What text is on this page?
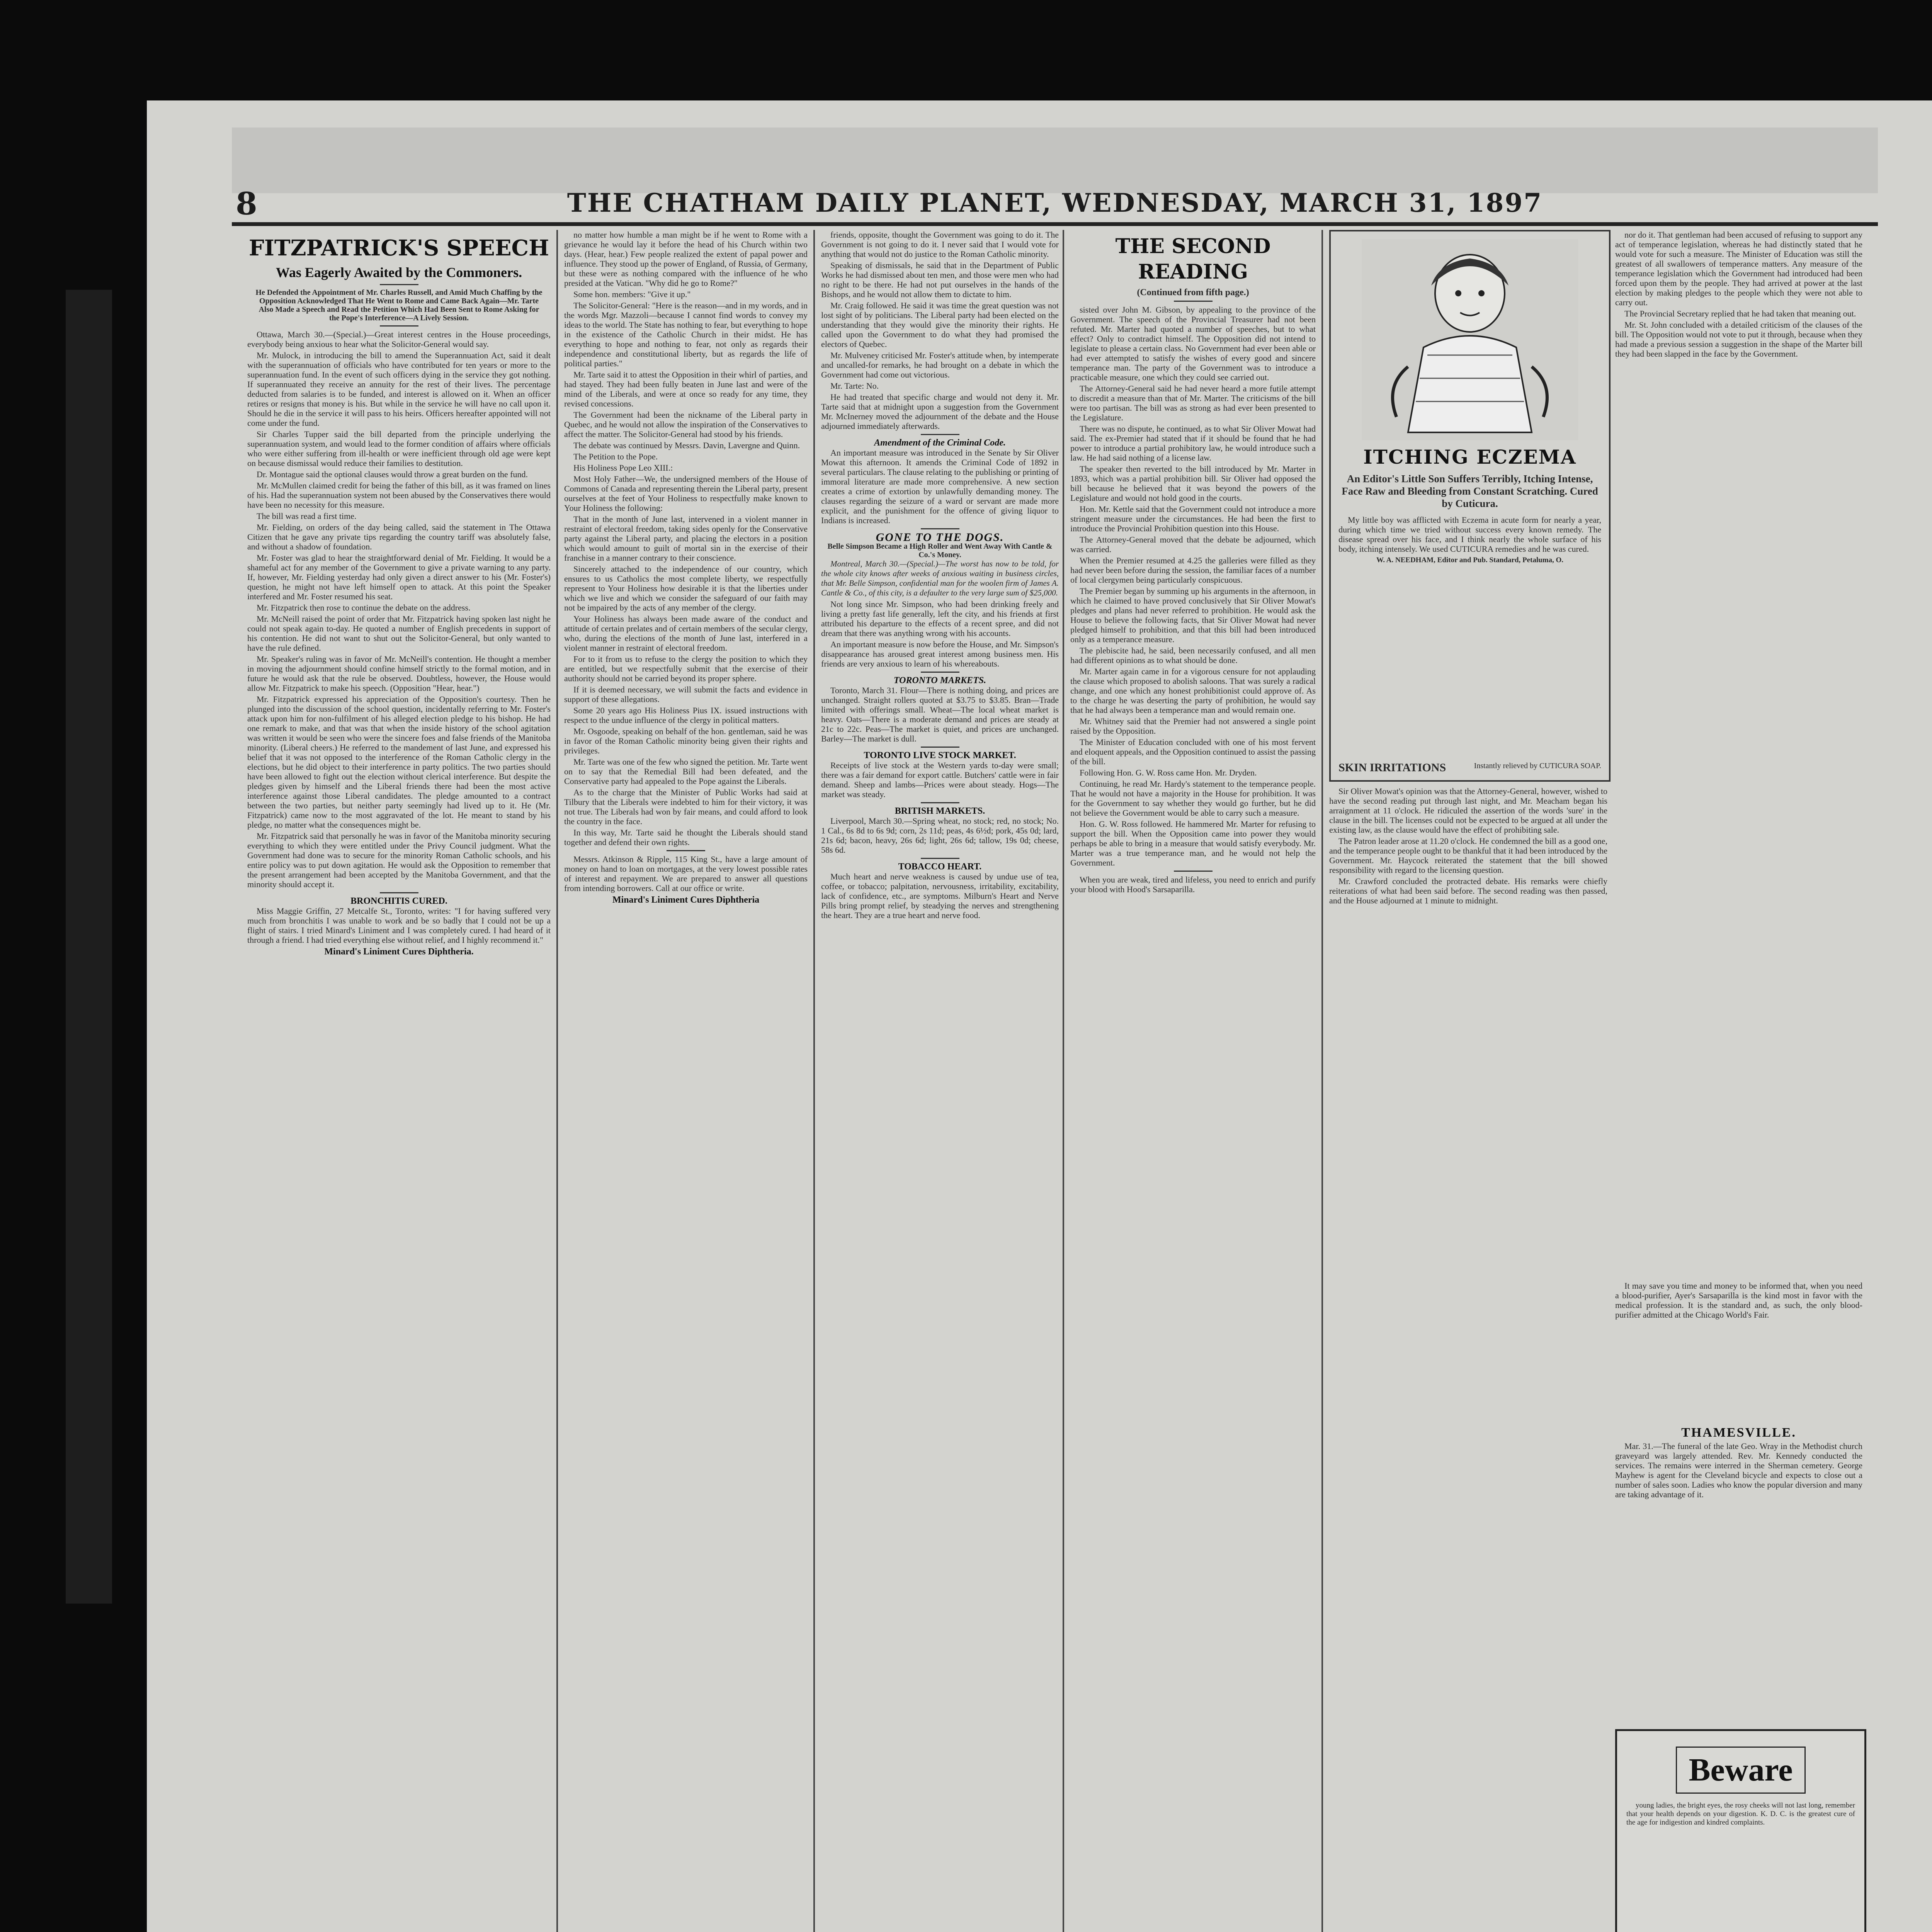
8	THE CHATHAM DAILY PLANET, WEDNESDAY, MARCH 31, 1897
FITZPATRICK'S SPEECH
Was Eagerly Awaited by the Commoners.
He Defended the Appointment of Mr. Charles Russell, and Amid Much Chaffing by the Opposition Acknowledged That He Went to Rome and Came Back Again—Mr. Tarte Also Made a Speech and Read the Petition Which Had Been Sent to Rome Asking for the Pope's Interference—A Lively Session.

Ottawa, March 30.—(Special.)—Great interest centres in the House proceedings, everybody being anxious to hear what the Solicitor-General would say.

Mr. Mulock, in introducing the bill to amend the Superannuation Act, said it dealt with the superannuation of officials who have contributed for ten years or more to the superannuation fund. In the event of such officers dying in the service they got nothing. If superannuated they receive an annuity for the rest of their lives. The percentage deducted from salaries is to be funded, and interest is allowed on it. When an officer retires or resigns that money is his. But while in the service he will have no call upon it. Should he die in the service it will pass to his heirs. Officers hereafter appointed will not come under the fund.

Sir Charles Tupper said the bill departed from the principle underlying the superannuation system, and would lead to the former condition of affairs where officials who were either suffering from ill-health or were inefficient through old age were kept on because dismissal would reduce their families to destitution.

Dr. Montague said the optional clauses would throw a great burden on the fund.

Mr. McMullen claimed credit for being the father of this bill, as it was framed on lines of his. Had the superannuation system not been abused by the Conservatives there would have been no necessity for this measure.

The bill was read a first time.

Mr. Fielding, on orders of the day being called, said the statement in The Ottawa Citizen that he gave any private tips regarding the country tariff was absolutely false, and without a shadow of foundation.

Mr. Foster was glad to hear the straightforward denial of Mr. Fielding. It would be a shameful act for any member of the Government to give a private warning to any party. If, however, Mr. Fielding yesterday had only given a direct answer to his (Mr. Foster's) question, he might not have left himself open to attack. At this point the Speaker interfered and Mr. Foster resumed his seat.

Mr. Fitzpatrick then rose to continue the debate on the address.

Mr. McNeill raised the point of order that Mr. Fitzpatrick having spoken last night he could not speak again to-day. He quoted a number of English precedents in support of his contention. He did not want to shut out the Solicitor-General, but only wanted to have the rule defined.

Mr. Speaker's ruling was in favor of Mr. McNeill's contention. He thought a member in moving the adjournment should confine himself strictly to the formal motion, and in future he would ask that the rule be observed. Doubtless, however, the House would allow Mr. Fitzpatrick to make his speech. (Opposition "Hear, hear.")

Mr. Fitzpatrick expressed his appreciation of the Opposition's courtesy. Then he plunged into the discussion of the school question, incidentally referring to Mr. Foster's attack upon him for non-fulfilment of his alleged election pledge to his bishop. He had one remark to make, and that was that when the inside history of the school agitation was written it would be seen who were the sincere foes and false friends of the Manitoba minority. (Liberal cheers.) He referred to the mandement of last June, and expressed his belief that it was not opposed to the interference of the Roman Catholic clergy in the elections, but he did object to their interference in party politics. The two parties should have been allowed to fight out the election without clerical interference. But despite the pledges given by himself and the Liberal friends there had been the most active interference against those Liberal candidates. The pledge amounted to a contract between the two parties, but neither party seemingly had lived up to it. He (Mr. Fitzpatrick) came now to the most aggravated of the lot. He meant to stand by his pledge, no matter what the consequences might be.

Mr. Fitzpatrick said that personally he was in favor of the Manitoba minority securing everything to which they were entitled under the Privy Council judgment. What the Government had done was to secure for the minority Roman Catholic schools, and his entire policy was to put down agitation. He would ask the Opposition to remember that the present arrangement had been accepted by the Manitoba Government, and that the minority should accept it.

BRONCHITIS CURED.

Miss Maggie Griffin, 27 Metcalfe St., Toronto, writes: "I for having suffered very much from bronchitis I was unable to work and be so badly that I could not be up a flight of stairs. I tried Minard's Liniment and I was completely cured. I had heard of it through a friend. I had tried everything else without relief, and I highly recommend it."

Minard's Liniment Cures Diphtheria.

no matter how humble a man might be if he went to Rome with a grievance he would lay it before the head of his Church within two days. (Hear, hear.) Few people realized the extent of papal power and influence. They stood up the power of England, of Russia, of Germany, but these were as nothing compared with the influence of he who presided at the Vatican. "Why did he go to Rome?"

Some hon. members: "Give it up."

The Solicitor-General: "Here is the reason—and in my words, and in the words Mgr. Mazzoli—because I cannot find words to convey my ideas to the world. The State has nothing to fear, but everything to hope in the existence of the Catholic Church in their midst. He has everything to hope and nothing to fear, not only as regards their independence and constitutional liberty, but as regards the life of political parties."

Mr. Tarte said it to attest the Opposition in their whirl of parties, and had stayed. They had been fully beaten in June last and were of the mind of the Liberals, and were at once so ready for any time, they revised concessions.

The Government had been the nickname of the Liberal party in Quebec, and he would not allow the inspiration of the Conservatives to affect the matter. The Solicitor-General had stood by his friends.

The debate was continued by Messrs. Davin, Lavergne and Quinn.

The Petition to the Pope.

His Holiness Pope Leo XIII.:

Most Holy Father—We, the undersigned members of the House of Commons of Canada and representing therein the Liberal party, present ourselves at the feet of Your Holiness to respectfully make known to Your Holiness the following:

That in the month of June last, intervened in a violent manner in restraint of electoral freedom, taking sides openly for the Conservative party against the Liberal party, and placing the electors in a position which would amount to guilt of mortal sin in the exercise of their franchise in a manner contrary to their conscience.

Sincerely attached to the independence of our country, which ensures to us Catholics the most complete liberty, we respectfully represent to Your Holiness how desirable it is that the liberties under which we live and which we consider the safeguard of our faith may not be impaired by the acts of any member of the clergy.

Your Holiness has always been made aware of the conduct and attitude of certain prelates and of certain members of the secular clergy, who, during the elections of the month of June last, interfered in a violent manner in restraint of electoral freedom.

For to it from us to refuse to the clergy the position to which they are entitled, but we respectfully submit that the exercise of their authority should not be carried beyond its proper sphere.

If it is deemed necessary, we will submit the facts and evidence in support of these allegations.

Some 20 years ago His Holiness Pius IX. issued instructions with respect to the undue influence of the clergy in political matters.

Mr. Osgoode, speaking on behalf of the hon. gentleman, said he was in favor of the Roman Catholic minority being given their rights and privileges.

Mr. Tarte was one of the few who signed the petition. Mr. Tarte went on to say that the Remedial Bill had been defeated, and the Conservative party had appealed to the Pope against the Liberals.

As to the charge that the Minister of Public Works had said at Tilbury that the Liberals were indebted to him for their victory, it was not true. The Liberals had won by fair means, and could afford to look the country in the face.

In this way, Mr. Tarte said he thought the Liberals should stand together and defend their own rights.

Messrs. Atkinson & Ripple, 115 King St., have a large amount of money on hand to loan on mortgages, at the very lowest possible rates of interest and repayment. We are prepared to answer all questions from intending borrowers. Call at our office or write.

Minard's Liniment Cures Diphtheria

friends, opposite, thought the Government was going to do it. The Government is not going to do it. I never said that I would vote for anything that would not do justice to the Roman Catholic minority.

Speaking of dismissals, he said that in the Department of Public Works he had dismissed about ten men, and those were men who had no right to be there. He had not put ourselves in the hands of the Bishops, and he would not allow them to dictate to him.

Mr. Craig followed. He said it was time the great question was not lost sight of by politicians. The Liberal party had been elected on the understanding that they would give the minority their rights. He called upon the Government to do what they had promised the electors of Quebec.

Mr. Mulveney criticised Mr. Foster's attitude when, by intemperate and uncalled-for remarks, he had brought on a debate in which the Government had come out victorious.

Mr. Tarte: No.

He had treated that specific charge and would not deny it. Mr. Tarte said that at midnight upon a suggestion from the Government Mr. McInerney moved the adjournment of the debate and the House adjourned immediately afterwards.

Amendment of the Criminal Code.

An important measure was introduced in the Senate by Sir Oliver Mowat this afternoon. It amends the Criminal Code of 1892 in several particulars. The clause relating to the publishing or printing of immoral literature are made more comprehensive. A new section creates a crime of extortion by unlawfully demanding money. The clauses regarding the seizure of a ward or servant are made more explicit, and the punishment for the offence of giving liquor to Indians is increased.

GONE TO THE DOGS.
Belle Simpson Became a High Roller and Went Away With Cantle & Co.'s Money.

Montreal, March 30.—(Special.)—The worst has now to be told, for the whole city knows after weeks of anxious waiting in business circles, that Mr. Belle Simpson, confidential man for the woolen firm of James A. Cantle & Co., of this city, is a defaulter to the very large sum of $25,000.

Not long since Mr. Simpson, who had been drinking freely and living a pretty fast life generally, left the city, and his friends at first attributed his departure to the effects of a recent spree, and did not dream that there was anything wrong with his accounts.

An important measure is now before the House, and Mr. Simpson's disappearance has aroused great interest among business men. His friends are very anxious to learn of his whereabouts.

TORONTO MARKETS.

Toronto, March 31. Flour—There is nothing doing, and prices are unchanged. Straight rollers quoted at $3.75 to $3.85. Bran—Trade limited with offerings small. Wheat—The local wheat market is heavy. Oats—There is a moderate demand and prices are steady at 21c to 22c. Peas—The market is quiet, and prices are unchanged. Barley—The market is dull.

TORONTO LIVE STOCK MARKET.

Receipts of live stock at the Western yards to-day were small; there was a fair demand for export cattle. Butchers' cattle were in fair demand. Sheep and lambs—Prices were about steady. Hogs—The market was steady.

BRITISH MARKETS.

Liverpool, March 30.—Spring wheat, no stock; red, no stock; No. 1 Cal., 6s 8d to 6s 9d; corn, 2s 11d; peas, 4s 6½d; pork, 45s 0d; lard, 21s 6d; bacon, heavy, 26s 6d; light, 26s 6d; tallow, 19s 0d; cheese, 58s 6d.

TOBACCO HEART.

Much heart and nerve weakness is caused by undue use of tea, coffee, or tobacco; palpitation, nervousness, irritability, excitability, lack of confidence, etc., are symptoms. Milburn's Heart and Nerve Pills bring prompt relief, by steadying the nerves and strengthening the heart. They are a true heart and nerve food.

THE SECOND READING
(Continued from fifth page.)

sisted over John M. Gibson, by appealing to the province of the Government. The speech of the Provincial Treasurer had not been refuted. Mr. Marter had quoted a number of speeches, but to what effect? Only to contradict himself. The Opposition did not intend to legislate to please a certain class. No Government had ever been able or had ever attempted to satisfy the wishes of every good and sincere temperance man. The party of the Government was to introduce a practicable measure, one which they could see carried out.

The Attorney-General said he had never heard a more futile attempt to discredit a measure than that of Mr. Marter. The criticisms of the bill were too partisan. The bill was as strong as had ever been presented to the Legislature.

There was no dispute, he continued, as to what Sir Oliver Mowat had said. The ex-Premier had stated that if it should be found that he had power to introduce a partial prohibitory law, he would introduce such a law. He had said nothing of a license law.

The speaker then reverted to the bill introduced by Mr. Marter in 1893, which was a partial prohibition bill. Sir Oliver had opposed the bill because he believed that it was beyond the powers of the Legislature and would not hold good in the courts.

Hon. Mr. Kettle said that the Government could not introduce a more stringent measure under the circumstances. He had been the first to introduce the Provincial Prohibition question into this House.

The Attorney-General moved that the debate be adjourned, which was carried.

When the Premier resumed at 4.25 the galleries were filled as they had never been before during the session, the familiar faces of a number of local clergymen being particularly conspicuous.

The Premier began by summing up his arguments in the afternoon, in which he claimed to have proved conclusively that Sir Oliver Mowat's pledges and plans had never referred to prohibition. He would ask the House to believe the following facts, that Sir Oliver Mowat had never pledged himself to prohibition, and that this bill had been introduced only as a temperance measure.

The plebiscite had, he said, been necessarily confused, and all men had different opinions as to what should be done.

Mr. Marter again came in for a vigorous censure for not applauding the clause which proposed to abolish saloons. That was surely a radical change, and one which any honest prohibitionist could approve of. As to the charge he was deserting the party of prohibition, he would say that he had always been a temperance man and would remain one.

Mr. Whitney said that the Premier had not answered a single point raised by the Opposition.

The Minister of Education concluded with one of his most fervent and eloquent appeals, and the Opposition continued to assist the passing of the bill.

Following Hon. G. W. Ross came Hon. Mr. Dryden.

Continuing, he read Mr. Hardy's statement to the temperance people. That he would not have a majority in the House for prohibition. It was for the Government to say whether they would go further, but he did not believe the Government would be able to carry such a measure.

Hon. G. W. Ross followed. He hammered Mr. Marter for refusing to support the bill. When the Opposition came into power they would perhaps be able to bring in a measure that would satisfy everybody. Mr. Marter was a true temperance man, and he would not help the Government.

When you are weak, tired and lifeless, you need to enrich and purify your blood with Hood's Sarsaparilla.

ITCHING ECZEMA
An Editor's Little Son Suffers Terribly, Itching Intense, Face Raw and Bleeding from Constant Scratching. Cured by Cuticura.

My little boy was afflicted with Eczema in acute form for nearly a year, during which time we tried without success every known remedy. The disease spread over his face, and I think nearly the whole surface of his body, itching intensely. We used CUTICURA remedies and he was cured.

W. A. NEEDHAM, Editor and Pub. Standard, Petaluma, O.
SKIN IRRITATIONS	Instantly relieved by CUTICURA SOAP.

nor do it. That gentleman had been accused of refusing to support any act of temperance legislation, whereas he had distinctly stated that he would vote for such a measure. The Minister of Education was still the greatest of all swallowers of temperance matters. Any measure of the temperance legislation which the Government had introduced had been forced upon them by the people. They had arrived at power at the last election by making pledges to the people which they were not able to carry out.

The Provincial Secretary replied that he had taken that meaning out.

Mr. St. John concluded with a detailed criticism of the clauses of the bill. The Opposition would not vote to put it through, because when they had made a previous session a suggestion in the shape of the Marter bill they had been slapped in the face by the Government.

Sir Oliver Mowat's opinion was that the Attorney-General, however, wished to have the second reading put through last night, and Mr. Meacham began his arraignment at 11 o'clock. He ridiculed the assertion of the words 'sure' in the clause in the bill. The licenses could not be expected to be argued at all under the existing law, as the clause would have the effect of prohibiting sale.

The Patron leader arose at 11.20 o'clock. He condemned the bill as a good one, and the temperance people ought to be thankful that it had been introduced by the Government. Mr. Haycock reiterated the statement that the bill showed responsibility with regard to the licensing question.

Mr. Crawford concluded the protracted debate. His remarks were chiefly reiterations of what had been said before. The second reading was then passed, and the House adjourned at 1 minute to midnight.

It may save you time and money to be informed that, when you need a blood-purifier, Ayer's Sarsaparilla is the kind most in favor with the medical profession. It is the standard and, as such, the only blood-purifier admitted at the Chicago World's Fair.

THAMESVILLE.

Mar. 31.—The funeral of the late Geo. Wray in the Methodist church graveyard was largely attended. Rev. Mr. Kennedy conducted the services. The remains were interred in the Sherman cemetery. George Mayhew is agent for the Cleveland bicycle and expects to close out a number of sales soon. Ladies who know the popular diversion and many are taking advantage of it.

Beware

young ladies, the bright eyes, the rosy cheeks will not last long, remember that your health depends on your digestion. K. D. C. is the greatest cure of the age for indigestion and kindred complaints.
